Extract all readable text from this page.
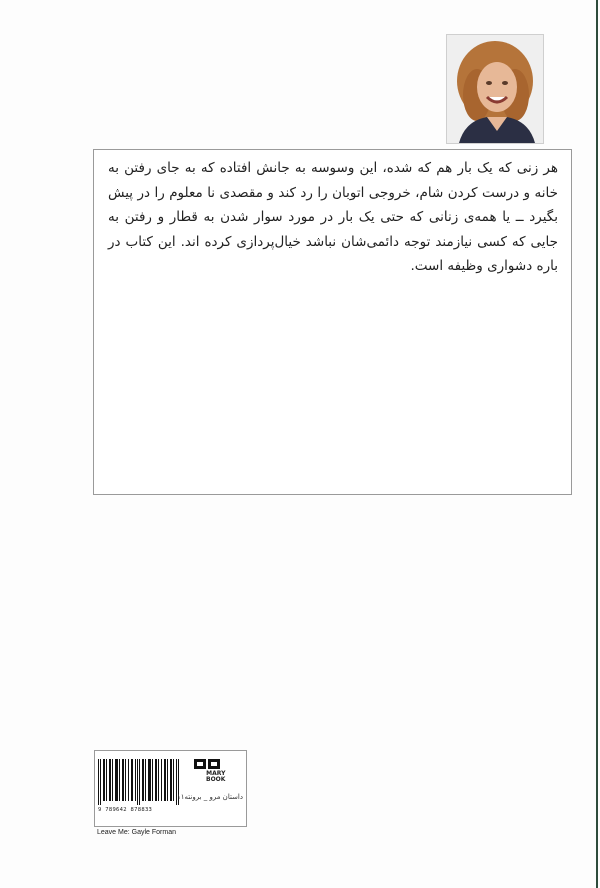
هر زنی که یک بار هم که شده، این وسوسه به جانش افتاده که به جای رفتن به خانه و درست کردن شام، خروجی اتوبان را رد کند و مقصدی نا معلوم را در پیش بگیرد ــ یا همه‌ی زنانی که حتی یک بار در مورد سوار شدن به قطار و رفتن به جایی که کسی نیازمند توجه دائمی‌شان نباشد خیال‌پردازی کرده اند. این کتاب در باره دشواری وظیفه است.

9 789642 878833
MARY
BOOK
داستان مرو _ برونته۱۱
Leave Me: Gayle Forman
